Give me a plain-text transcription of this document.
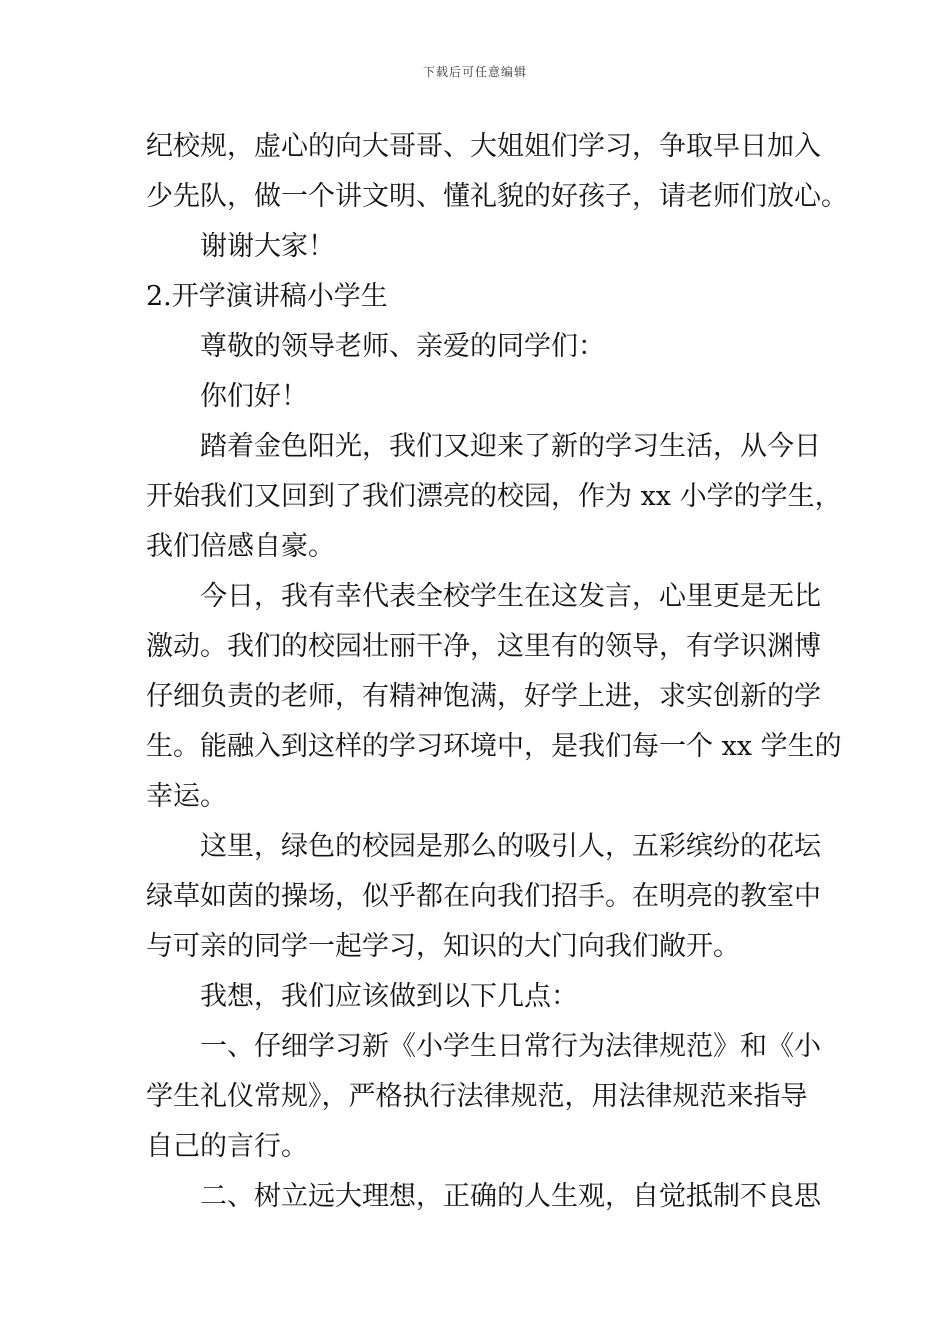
下载后可任意编辑
纪校规，虚心的向大哥哥、大姐姐们学习，争取早日加入
少先队，做一个讲文明、懂礼貌的好孩子，请老师们放心。
谢谢大家！
2.开学演讲稿小学生
尊敬的领导老师、亲爱的同学们：
你们好！
踏着金色阳光，我们又迎来了新的学习生活，从今日
开始我们又回到了我们漂亮的校园，作为 xx 小学的学生，
我们倍感自豪。
今日，我有幸代表全校学生在这发言，心里更是无比
激动。我们的校园壮丽干净，这里有的领导，有学识渊博
仔细负责的老师，有精神饱满，好学上进，求实创新的学
生。能融入到这样的学习环境中，是我们每一个 xx 学生的
幸运。
这里，绿色的校园是那么的吸引人，五彩缤纷的花坛
绿草如茵的操场，似乎都在向我们招手。在明亮的教室中
与可亲的同学一起学习，知识的大门向我们敞开。
我想，我们应该做到以下几点：
一、仔细学习新《小学生日常行为法律规范》和《小
学生礼仪常规》，严格执行法律规范，用法律规范来指导
自己的言行。
二、树立远大理想，正确的人生观，自觉抵制不良思
